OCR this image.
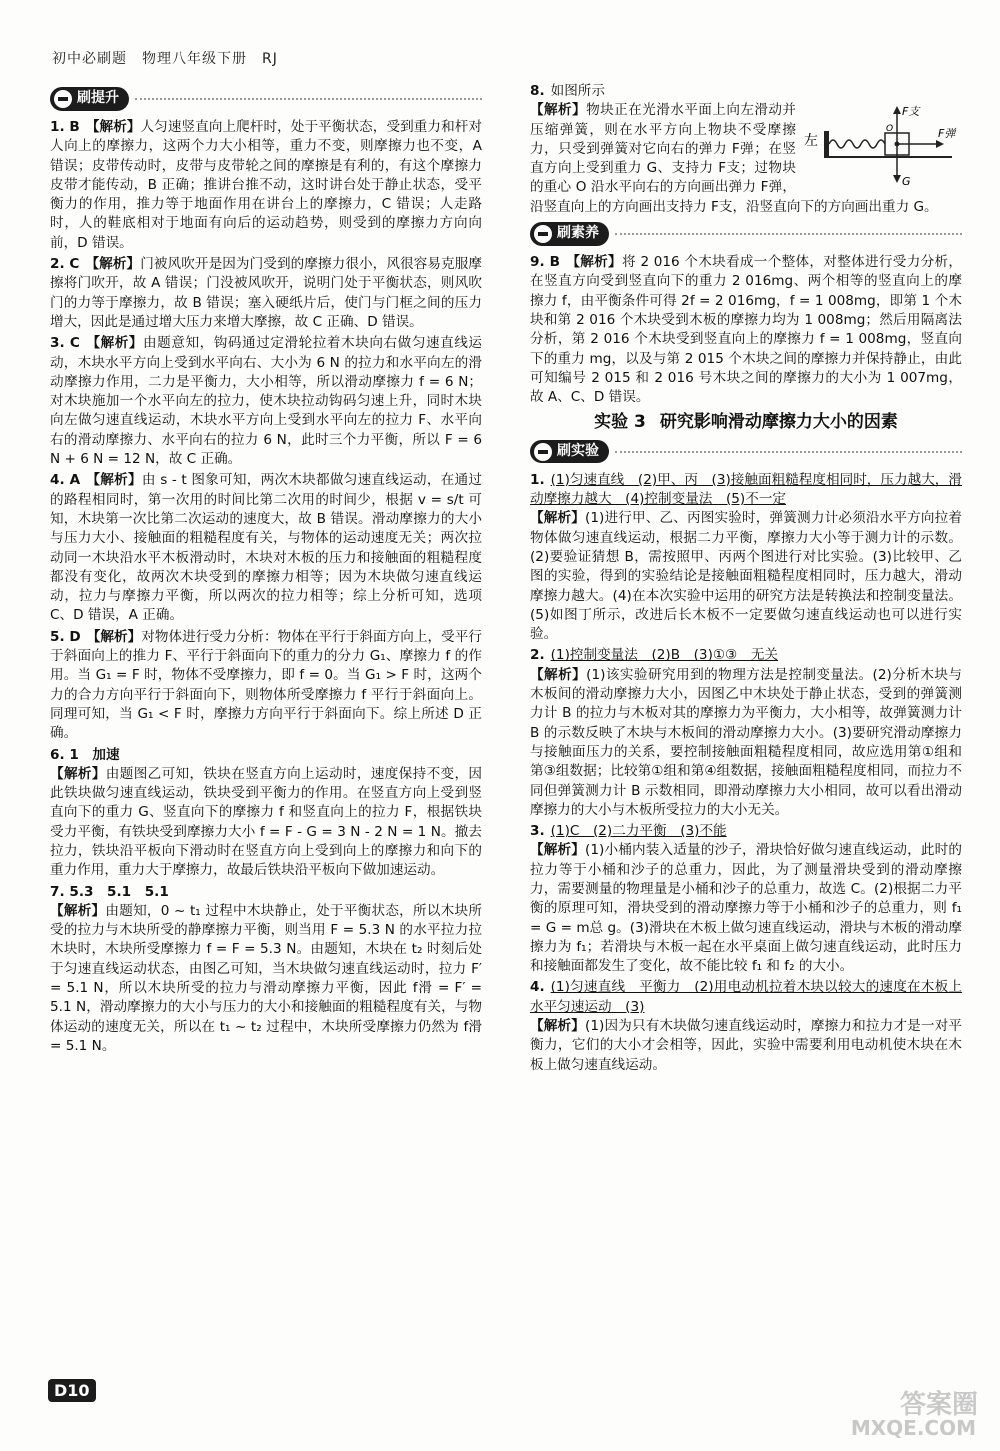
初中必刷题　物理八年级下册　RJ
刷提升
1. B 【解析】人匀速竖直向上爬杆时，处于平衡状态，受到重力和杆对人向上的摩擦力，这两个力大小相等，重力不变，则摩擦力也不变，A 错误；皮带传动时，皮带与皮带轮之间的摩擦是有利的，有这个摩擦力皮带才能传动，B 正确；推讲台推不动，这时讲台处于静止状态，受平衡力的作用，推力等于地面作用在讲台上的摩擦力，C 错误；人走路时，人的鞋底相对于地面有向后的运动趋势，则受到的摩擦力方向向前，D 错误。
2. C 【解析】门被风吹开是因为门受到的摩擦力很小，风很容易克服摩擦将门吹开，故 A 错误；门没被风吹开，说明门处于平衡状态，则风吹门的力等于摩擦力，故 B 错误；塞入硬纸片后，使门与门框之间的压力增大，因此是通过增大压力来增大摩擦，故 C 正确、D 错误。
3. C 【解析】由题意知，钩码通过定滑轮拉着木块向右做匀速直线运动，木块水平方向上受到水平向右、大小为 6 N 的拉力和水平向左的滑动摩擦力作用，二力是平衡力，大小相等，所以滑动摩擦力 f = 6 N；对木块施加一个水平向左的拉力，使木块拉动钩码匀速上升，同时木块向左做匀速直线运动，木块水平方向上受到水平向左的拉力 F、水平向右的滑动摩擦力、水平向右的拉力 6 N，此时三个力平衡，所以 F = 6 N + 6 N = 12 N，故 C 正确。
4. A 【解析】由 s - t 图象可知，两次木块都做匀速直线运动，在通过的路程相同时，第一次用的时间比第二次用的时间少，根据 v = s/t 可知，木块第一次比第二次运动的速度大，故 B 错误。滑动摩擦力的大小与压力大小、接触面的粗糙程度有关，与物体的运动速度无关；两次拉动同一木块沿水平木板滑动时，木块对木板的压力和接触面的粗糙程度都没有变化，故两次木块受到的摩擦力相等；因为木块做匀速直线运动，拉力与摩擦力平衡，所以两次的拉力相等；综上分析可知，选项 C、D 错误，A 正确。
5. D 【解析】对物体进行受力分析：物体在平行于斜面方向上，受平行于斜面向上的推力 F、平行于斜面向下的重力的分力 G₁、摩擦力 f 的作用。当 G₁ = F 时，物体不受摩擦力，即 f = 0。当 G₁ > F 时，这两个力的合力方向平行于斜面向下，则物体所受摩擦力 f 平行于斜面向上。同理可知，当 G₁ < F 时，摩擦力方向平行于斜面向下。综上所述 D 正确。
6. 1　加速
【解析】由题图乙可知，铁块在竖直方向上运动时，速度保持不变，因此铁块做匀速直线运动，铁块受到平衡力的作用。在竖直方向上受到竖直向下的重力 G、竖直向下的摩擦力 f 和竖直向上的拉力 F，根据铁块受力平衡，有铁块受到摩擦力大小 f = F - G = 3 N - 2 N = 1 N。撤去拉力，铁块沿平板向下滑动时在竖直方向上受到向上的摩擦力和向下的重力作用，重力大于摩擦力，故最后铁块沿平板向下做加速运动。
7. 5.3　5.1　5.1
【解析】由题知，0 ~ t₁ 过程中木块静止，处于平衡状态，所以木块所受的拉力与木块所受的静摩擦力平衡，则当用 F = 5.3 N 的水平拉力拉木块时，木块所受摩擦力 f = F = 5.3 N。由题知，木块在 t₂ 时刻后处于匀速直线运动状态，由图乙可知，当木块做匀速直线运动时，拉力 F′ = 5.1 N，所以木块所受的拉力与滑动摩擦力平衡，因此 f滑 = F′ = 5.1 N，滑动摩擦力的大小与压力的大小和接触面的粗糙程度有关，与物体运动的速度无关，所以在 t₁ ~ t₂ 过程中，木块所受摩擦力仍然为 f滑 = 5.1 N。
8. 如图所示
左
F支
F弹
G
O
【解析】物块正在光滑水平面上向左滑动并压缩弹簧，则在水平方向上物块不受摩擦力，只受到弹簧对它向右的弹力 F弹；在竖直方向上受到重力 G、支持力 F支；过物块的重心 O 沿水平向右的方向画出弹力 F弹，沿竖直向上的方向画出支持力 F支，沿竖直向下的方向画出重力 G。
刷素养
9. B 【解析】将 2 016 个木块看成一个整体，对整体进行受力分析，在竖直方向受到竖直向下的重力 2 016mg、两个相等的竖直向上的摩擦力 f，由平衡条件可得 2f = 2 016mg，f = 1 008mg，即第 1 个木块和第 2 016 个木块受到木板的摩擦力均为 1 008mg；然后用隔离法分析，第 2 016 个木块受到竖直向上的摩擦力 f = 1 008mg，竖直向下的重力 mg，以及与第 2 015 个木块之间的摩擦力并保持静止，由此可知编号 2 015 和 2 016 号木块之间的摩擦力的大小为 1 007mg，故 A、C、D 错误。
实验 3 研究影响滑动摩擦力大小的因素
刷实验
1. (1)匀速直线　(2)甲、丙　(3)接触面粗糙程度相同时，压力越大，滑动摩擦力越大　(4)控制变量法　(5)不一定
【解析】(1)进行甲、乙、丙图实验时，弹簧测力计必须沿水平方向拉着物体做匀速直线运动，根据二力平衡，摩擦力大小等于测力计的示数。(2)要验证猜想 B，需按照甲、丙两个图进行对比实验。(3)比较甲、乙图的实验，得到的实验结论是接触面粗糙程度相同时，压力越大，滑动摩擦力越大。(4)在本次实验中运用的研究方法是转换法和控制变量法。(5)如图丁所示，改进后长木板不一定要做匀速直线运动也可以进行实验。
2. (1)控制变量法　(2)B　(3)①③　无关
【解析】(1)该实验研究用到的物理方法是控制变量法。(2)分析木块与木板间的滑动摩擦力大小，因图乙中木块处于静止状态，受到的弹簧测力计 B 的拉力与木板对其的摩擦力为平衡力，大小相等，故弹簧测力计 B 的示数反映了木块与木板间的滑动摩擦力大小。(3)要研究滑动摩擦力与接触面压力的关系，要控制接触面粗糙程度相同，故应选用第①组和第③组数据；比较第①组和第④组数据，接触面粗糙程度相同，而拉力不同但弹簧测力计 B 示数相同，即滑动摩擦力大小相同，故可以看出滑动摩擦力的大小与木板所受拉力的大小无关。
3. (1)C　(2)二力平衡　(3)不能
【解析】(1)小桶内装入适量的沙子，滑块恰好做匀速直线运动，此时的拉力等于小桶和沙子的总重力，因此，为了测量滑块受到的滑动摩擦力，需要测量的物理量是小桶和沙子的总重力，故选 C。(2)根据二力平衡的原理可知，滑块受到的滑动摩擦力等于小桶和沙子的总重力，则 f₁ = G = m总 g。(3)滑块在木板上做匀速直线运动，滑块与木板的滑动摩擦力为 f₁；若滑块与木板一起在水平桌面上做匀速直线运动，此时压力和接触面都发生了变化，故不能比较 f₁ 和 f₂ 的大小。
4. (1)匀速直线　平衡力　(2)用电动机拉着木块以较大的速度在木板上水平匀速运动　(3)
【解析】(1)因为只有木块做匀速直线运动时，摩擦力和拉力才是一对平衡力，它们的大小才会相等，因此，实验中需要利用电动机使木块在木板上做匀速直线运动。
D10	答案圈
MXQE.COM
